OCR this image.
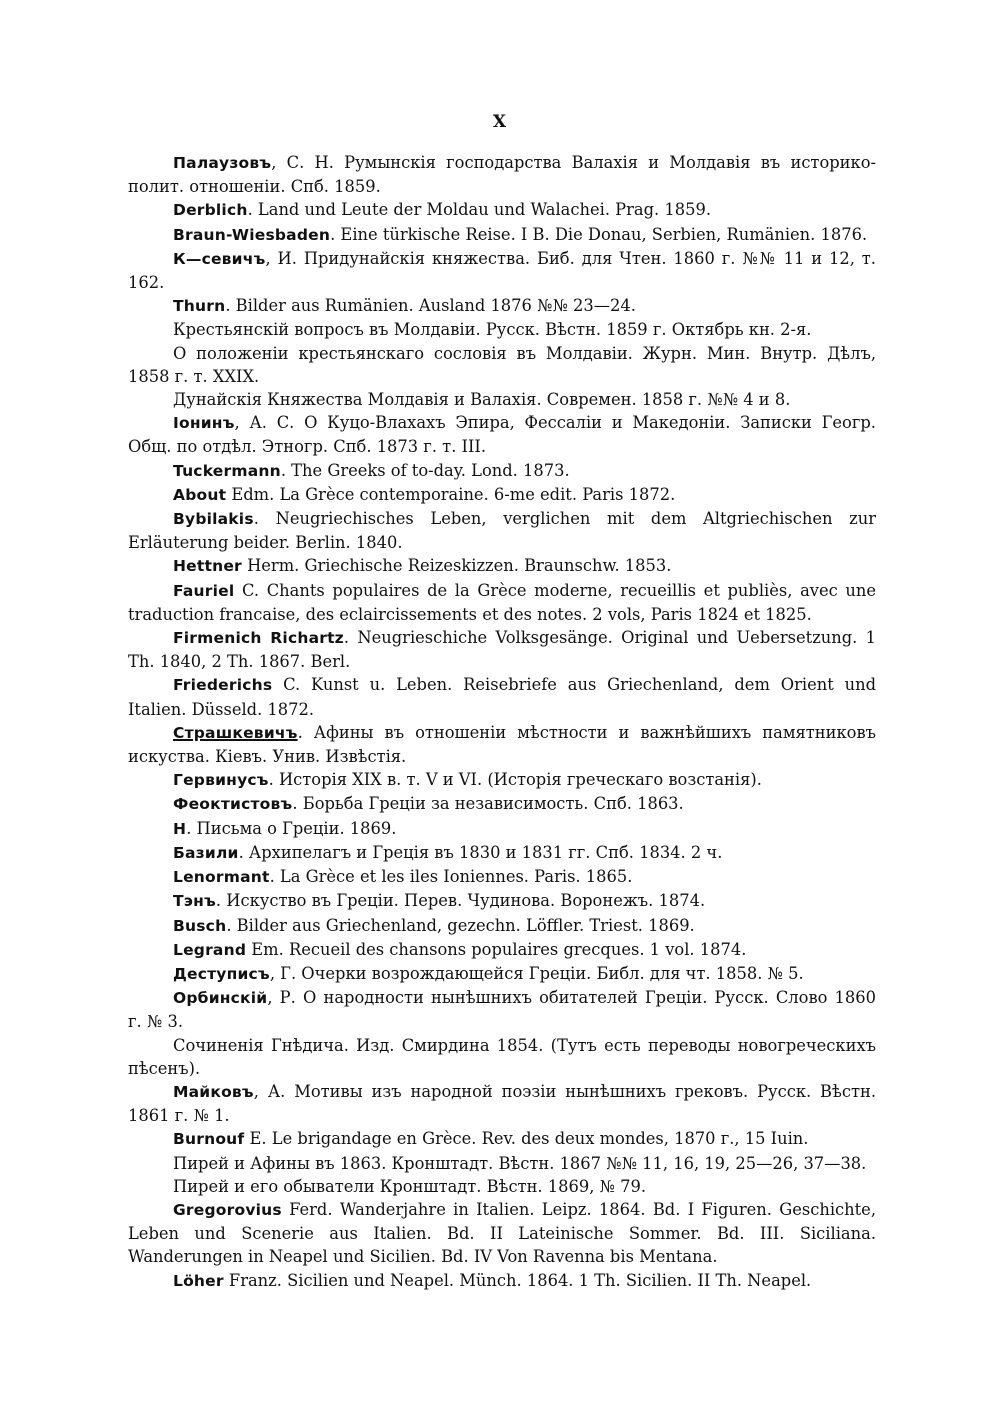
X

Палаузовъ, С. Н. Румынскія господарства Валахія и Молдавія въ историко-полит. отношеніи. Спб. 1859.

Derblich. Land und Leute der Moldau und Walachei. Prag. 1859.

Braun-Wiesbaden. Eine türkische Reise. I B. Die Donau, Serbien, Rumänien. 1876.

К—севичъ, И. Придунайскія княжества. Биб. для Чтен. 1860 г. №№ 11 и 12, т. 162.

Thurn. Bilder aus Rumänien. Ausland 1876 №№ 23—24.

Крестьянскій вопросъ въ Молдавіи. Русск. Вѣстн. 1859 г. Октябрь кн. 2-я.

О положеніи крестьянскаго сословія въ Молдавіи. Журн. Мин. Внутр. Дѣлъ, 1858 г. т. XXIX.

Дунайскія Княжества Молдавія и Валахія. Современ. 1858 г. №№ 4 и 8.

Іонинъ, А. С. О Куцо-Влахахъ Эпира, Фессаліи и Македоніи. Записки Геогр. Общ. по отдѣл. Этногр. Спб. 1873 г. т. III.

Tuckermann. The Greeks of to-day. Lond. 1873.

About Edm. La Grèce contemporaine. 6-me edit. Paris 1872.

Bybilakis. Neugriechisches Leben, verglichen mit dem Altgriechischen zur Erläuterung beider. Berlin. 1840.

Hettner Herm. Griechische Reizeskizzen. Braunschw. 1853.

Fauriel C. Chants populaires de la Grèce moderne, recueillis et publiès, avec une traduction francaise, des eclaircissements et des notes. 2 vols, Paris 1824 et 1825.

Firmenich Richartz. Neugrieschiche Volksgesänge. Original und Uebersetzung. 1 Th. 1840, 2 Th. 1867. Berl.

Friederichs C. Kunst u. Leben. Reisebriefe aus Griechenland, dem Orient und Italien. Düsseld. 1872.

Страшкевичъ. Афины въ отношеніи мѣстности и важнѣйшихъ памятниковъ искуства. Кіевъ. Унив. Извѣстія.

Гервинусъ. Исторія XIX в. т. V и VI. (Исторія греческаго возстанія).

Феоктистовъ. Борьба Греціи за независимость. Спб. 1863.

Н. Письма о Греціи. 1869.

Базили. Архипелагъ и Греція въ 1830 и 1831 гг. Спб. 1834. 2 ч.

Lenormant. La Grèce et les iles Ioniennes. Paris. 1865.

Тэнъ. Искуство въ Греціи. Перев. Чудинова. Воронежъ. 1874.

Busch. Bilder aus Griechenland, gezechn. Löffler. Triest. 1869.

Legrand Em. Recueil des chansons populaires grecques. 1 vol. 1874.

Деступисъ, Г. Очерки возрождающейся Греціи. Библ. для чт. 1858. № 5.

Орбинскій, Р. О народности нынѣшнихъ обитателей Греціи. Русск. Слово 1860 г. № 3.

Сочиненія Гнѣдича. Изд. Смирдина 1854. (Тутъ есть переводы новогреческихъ пѣсенъ).

Майковъ, А. Мотивы изъ народной поэзіи нынѣшнихъ грековъ. Русск. Вѣстн. 1861 г. № 1.

Burnouf E. Le brigandage en Grèce. Rev. des deux mondes, 1870 г., 15 Iuin.

Пирей и Афины въ 1863. Кронштадт. Вѣстн. 1867 №№ 11, 16, 19, 25—26, 37—38.

Пирей и его обыватели Кронштадт. Вѣстн. 1869, № 79.

Gregorovius Ferd. Wanderjahre in Italien. Leipz. 1864. Bd. I Figuren. Geschichte, Leben und Scenerie aus Italien. Bd. II Lateinische Sommer. Bd. III. Siciliana. Wanderungen in Neapel und Sicilien. Bd. IV Von Ravenna bis Mentana.

Löher Franz. Sicilien und Neapel. Münch. 1864. 1 Th. Sicilien. II Th. Neapel.
